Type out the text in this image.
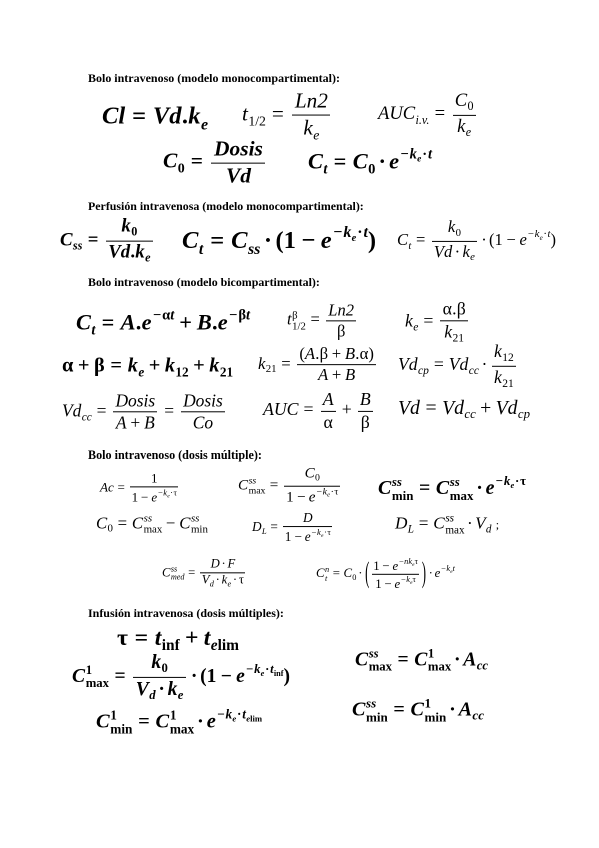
Bolo intravenoso (modelo monocompartimental):
$Cl = Vd.k_e$ $t_{1/2} = \frac{Ln2}{k_e}$	$AUC_{i.v.} = \frac{C_0}{k_e}$
$C_0 = \frac{\text{Dosis}}{Vd} C_t = C_0 \cdot e^{-k_e\cdot t}$
Perfusión intravenosa (modelo monocompartimental):
$C_{ss} = \frac{k_0}{Vd.k_e} C_t = C_{ss} \cdot (1 - e^{-k_e\cdot t}) C_t = \frac{k_0}{Vd \cdot k_e} \cdot (1 - e^{-k_e\cdot t})$
Bolo intravenoso (modelo bicompartimental):
$C_t = A.e^{-\alpha t} + B.e^{-\beta t}$ t β
$1/2 = \frac{Ln2}{\beta}$	$k_e = \frac{\alpha.\beta}{k_{21}}$
$\alpha + \beta = k_e + k_{12} + k_{21}$ $k_{21} = \frac{(A.\beta + B.\alpha)}{A + B} Vd_{cp} = Vd_{cc} \cdot \frac{k_{12}}{k_{21}}$
$Vd_{cc} = \frac{\text{Dosis}}{A + B} = \frac{\text{Dosis}}{Co}$ AUC = $\frac{A}{\alpha} + \frac{B}{\beta}$ $Vd = Vd_{cc} + Vd_{cp}$
Bolo intravenoso (dosis múltiple):
$Ac = \frac{1}{1 - e^{-k_e\cdot\tau}}$	C ss
$\max = \frac{C_0}{1 - e^{-k_e\cdot\tau}}$ C ss
min = C ss
$\max \cdot e^{-k_e\cdot\tau}$
$C_0 = C$ ss
max − C ss
min	$D_L = \frac{D}{1 - e^{-k_e\cdot\tau}}$	$D_L = C$ ss
$\max \cdot V_d$ ;
C ss
med = $\frac{D \cdot F}{V_d \cdot k_e \cdot \tau}$	C n
$t = C_0$ · ( $\frac{1 - e^{-nk_e\tau}}{1 - e^{-k_e\tau}}$ ) · $e^{-k_et}$
Infusión intravenosa (dosis múltiples):
$\tau = t_{inf} + t_{elim}$
C 1
$\max = \frac{k_0}{V_d \cdot k_e} \cdot (1 - e^{-k_e\cdot t_{inf}})$
C 1
min = C 1
$\max \cdot e^{-k_e\cdot t_{elim}}$
C ss
max = C 1
$\max \cdot A_{cc}$
C ss
min = C 1
$\min \cdot A_{cc}$
